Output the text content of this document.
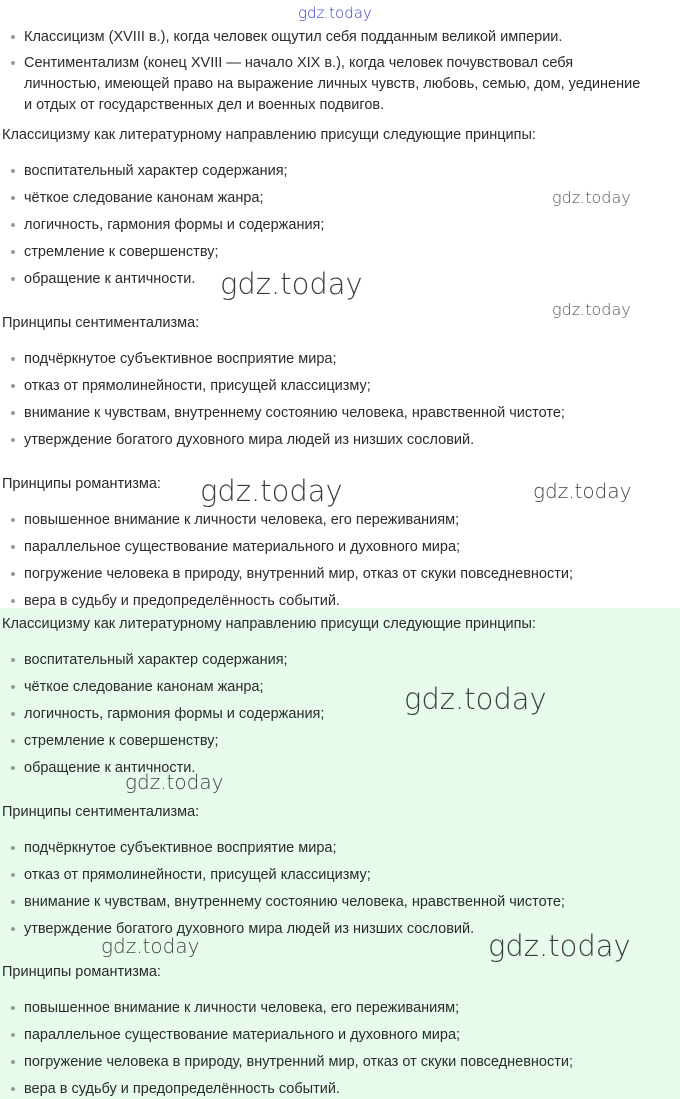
Классицизм (XVIII в.), когда человек ощутил себя подданным великой империи.
Сентиментализм (конец XVIII — начало XIX в.), когда человек почувствовал себя личностью, имеющей право на выражение личных чувств, любовь, семью, дом, уединение и отдых от государственных дел и военных подвигов.
Классицизму как литературному направлению присущи следующие принципы:
воспитательный характер содержания;
чёткое следование канонам жанра;
логичность, гармония формы и содержания;
стремление к совершенству;
обращение к античности.
Принципы сентиментализма:
подчёркнутое субъективное восприятие мира;
отказ от прямолинейности, присущей классицизму;
внимание к чувствам, внутреннему состоянию человека, нравственной чистоте;
утверждение богатого духовного мира людей из низших сословий.
Принципы романтизма:
повышенное внимание к личности человека, его переживаниям;
параллельное существование материального и духовного мира;
погружение человека в природу, внутренний мир, отказ от скуки повседневности;
вера в судьбу и предопределённость событий.
Классицизму как литературному направлению присущи следующие принципы:
воспитательный характер содержания;
чёткое следование канонам жанра;
логичность, гармония формы и содержания;
стремление к совершенству;
обращение к античности.
Принципы сентиментализма:
подчёркнутое субъективное восприятие мира;
отказ от прямолинейности, присущей классицизму;
внимание к чувствам, внутреннему состоянию человека, нравственной чистоте;
утверждение богатого духовного мира людей из низших сословий.
Принципы романтизма:
повышенное внимание к личности человека, его переживаниям;
параллельное существование материального и духовного мира;
погружение человека в природу, внутренний мир, отказ от скуки повседневности;
вера в судьбу и предопределённость событий.
gdz.today
gdz.today
gdz.today
gdz.today
gdz.today	gdz.today
gdz.today
gdz.today
gdz.today	gdz.today
